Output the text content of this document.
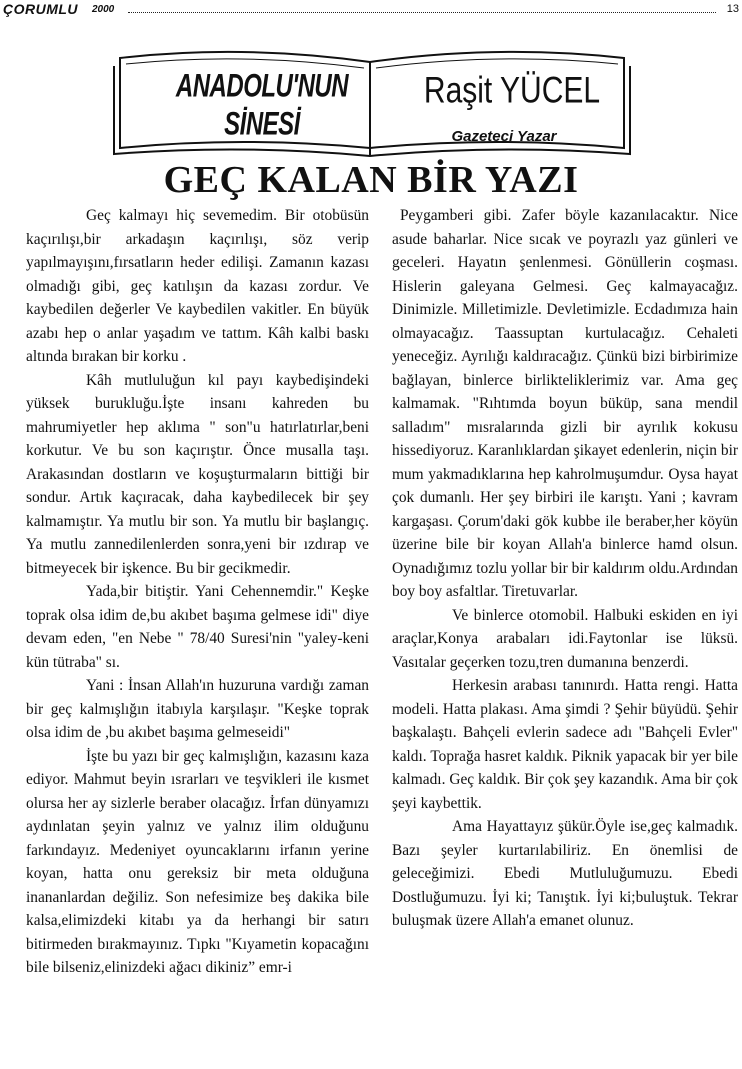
ÇORUMLU 2000	13
ANADOLU'NUN SİNESİ
Raşit YÜCEL
Gazeteci Yazar
GEÇ KALAN BİR YAZI

Geç kalmayı hiç sevemedim. Bir otobüsün kaçırılışı,bir arkadaşın kaçırılışı, söz verip yapılmayışını,fırsatların heder edilişi. Zamanın kazası olmadığı gibi, geç katılışın da kazası zordur. Ve kaybedilen değerler Ve kaybedilen vakitler. En büyük azabı hep o anlar yaşadım ve tattım. Kâh kalbi baskı altında bırakan bir korku .

Kâh mutluluğun kıl payı kaybedişindeki yüksek burukluğu.İşte insanı kahreden bu mahrumiyetler hep aklıma " son"u hatırlatırlar,beni korkutur. Ve bu son kaçırıştır. Önce musalla taşı. Arakasından dostların ve koşuşturmaların bittiği bir sondur. Artık kaçıracak, daha kaybedilecek bir şey kalmamıştır. Ya mutlu bir son. Ya mutlu bir başlangıç. Ya mutlu zannedilenlerden sonra,yeni bir ızdırap ve bitmeyecek bir işkence. Bu bir gecikmedir.

Yada,bir bitiştir. Yani Cehennemdir." Keşke toprak olsa idim de,bu akıbet başıma gelmese idi" diye devam eden, "en Nebe " 78/40 Suresi'nin "yaley-keni kün tütraba" sı.

Yani : İnsan Allah'ın huzuruna vardığı zaman bir geç kalmışlığın itabıyla karşılaşır. "Keşke toprak olsa idim de ,bu akıbet başıma gelmeseidi"

İşte bu yazı bir geç kalmışlığın, kazasını kaza ediyor. Mahmut beyin ısrarları ve teşvikleri ile kısmet olursa her ay sizlerle beraber olacağız. İrfan dünyamızı aydınlatan şeyin yalnız ve yalnız ilim olduğunu farkındayız. Medeniyet oyuncaklarını irfanın yerine koyan, hatta onu gereksiz bir meta olduğuna inananlardan değiliz. Son nefesimize beş dakika bile kalsa,elimizdeki kitabı ya da herhangi bir satırı bitirmeden bırakmayınız. Tıpkı "Kıyametin kopacağını bile bilseniz,elinizdeki ağacı dikiniz” emr-i

Peygamberi gibi. Zafer böyle kazanılacaktır. Nice asude baharlar. Nice sıcak ve poyrazlı yaz günleri ve geceleri. Hayatın şenlenmesi. Gönüllerin coşması. Hislerin galeyana Gelmesi. Geç kalmayacağız. Dinimizle. Milletimizle. Devletimizle. Ecdadımıza hain olmayacağız. Taassuptan kurtulacağız. Cehaleti yeneceğiz. Ayrılığı kaldıracağız. Çünkü bizi birbirimize bağlayan, binlerce birlikteliklerimiz var. Ama geç kalmamak. "Rıhtımda boyun büküp, sana mendil salladım" mısralarında gizli bir ayrılık kokusu hissediyoruz. Karanlıklardan şikayet edenlerin, niçin bir mum yakmadıklarına hep kahrolmuşumdur. Oysa hayat çok dumanlı. Her şey birbiri ile karıştı. Yani ; kavram kargaşası. Çorum'daki gök kubbe ile beraber,her köyün üzerine bile bir koyan Allah'a binlerce hamd olsun. Oynadığımız tozlu yollar bir bir kaldırım oldu.Ardından boy boy asfaltlar. Tiretuvarlar.

Ve binlerce otomobil. Halbuki eskiden en iyi araçlar,Konya arabaları idi.Faytonlar ise lüksü. Vasıtalar geçerken tozu,tren dumanına benzerdi.

Herkesin arabası tanınırdı. Hatta rengi. Hatta modeli. Hatta plakası. Ama şimdi ? Şehir büyüdü. Şehir başkalaştı. Bahçeli evlerin sadece adı "Bahçeli Evler" kaldı. Toprağa hasret kaldık. Piknik yapacak bir yer bile kalmadı. Geç kaldık. Bir çok şey kazandık. Ama bir çok şeyi kaybettik.

Ama Hayattayız şükür.Öyle ise,geç kalmadık. Bazı şeyler kurtarılabiliriz. En önemlisi de geleceğimizi. Ebedi Mutluluğumuzu. Ebedi Dostluğumuzu. İyi ki; Tanıştık. İyi ki;buluştuk. Tekrar buluşmak üzere Allah'a emanet olunuz.
